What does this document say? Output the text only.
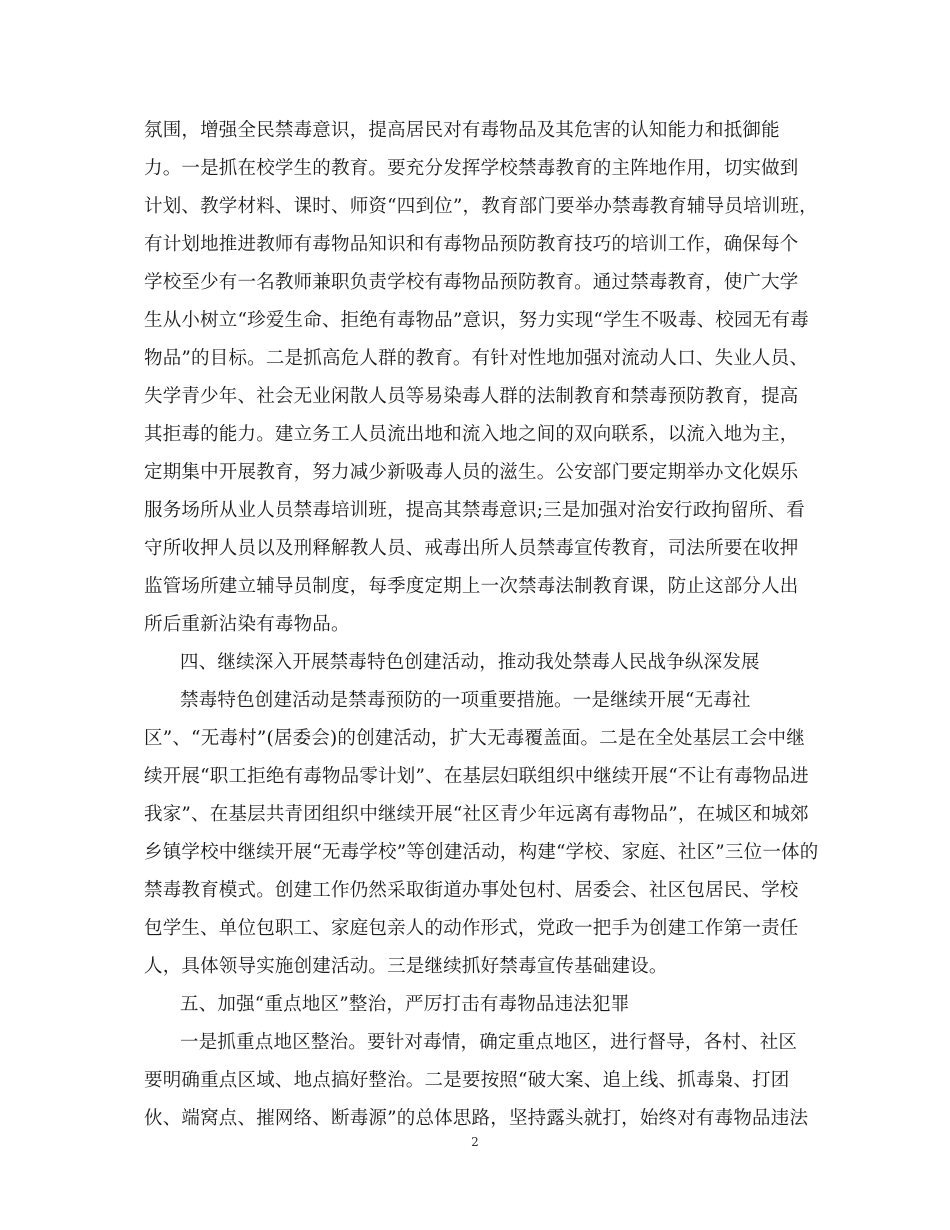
氛围，增强全民禁毒意识，提高居民对有毒物品及其危害的认知能力和抵御能
力。一是抓在校学生的教育。要充分发挥学校禁毒教育的主阵地作用，切实做到
计划、教学材料、课时、师资“四到位”，教育部门要举办禁毒教育辅导员培训班，
有计划地推进教师有毒物品知识和有毒物品预防教育技巧的培训工作，确保每个
学校至少有一名教师兼职负责学校有毒物品预防教育。通过禁毒教育，使广大学
生从小树立“珍爱生命、拒绝有毒物品”意识，努力实现“学生不吸毒、校园无有毒
物品”的目标。二是抓高危人群的教育。有针对性地加强对流动人口、失业人员、
失学青少年、社会无业闲散人员等易染毒人群的法制教育和禁毒预防教育，提高
其拒毒的能力。建立务工人员流出地和流入地之间的双向联系，以流入地为主，
定期集中开展教育，努力减少新吸毒人员的滋生。公安部门要定期举办文化娱乐
服务场所从业人员禁毒培训班，提高其禁毒意识;三是加强对治安行政拘留所、看
守所收押人员以及刑释解教人员、戒毒出所人员禁毒宣传教育，司法所要在收押
监管场所建立辅导员制度，每季度定期上一次禁毒法制教育课，防止这部分人出
所后重新沾染有毒物品。
四、继续深入开展禁毒特色创建活动，推动我处禁毒人民战争纵深发展
禁毒特色创建活动是禁毒预防的一项重要措施。一是继续开展“无毒社
区”、“无毒村”(居委会)的创建活动，扩大无毒覆盖面。二是在全处基层工会中继
续开展“职工拒绝有毒物品零计划”、在基层妇联组织中继续开展“不让有毒物品进
我家”、在基层共青团组织中继续开展“社区青少年远离有毒物品”，在城区和城郊
乡镇学校中继续开展“无毒学校”等创建活动，构建“学校、家庭、社区”三位一体的
禁毒教育模式。创建工作仍然采取街道办事处包村、居委会、社区包居民、学校
包学生、单位包职工、家庭包亲人的动作形式，党政一把手为创建工作第一责任
人，具体领导实施创建活动。三是继续抓好禁毒宣传基础建设。
五、加强“重点地区”整治，严厉打击有毒物品违法犯罪
一是抓重点地区整治。要针对毒情，确定重点地区，进行督导，各村、社区
要明确重点区域、地点搞好整治。二是要按照“破大案、追上线、抓毒枭、打团
伙、端窝点、摧网络、断毒源”的总体思路，坚持露头就打，始终对有毒物品违法
2
